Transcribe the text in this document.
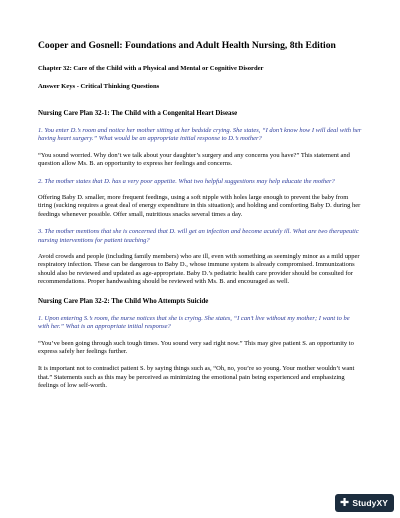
Cooper and Gosnell: Foundations and Adult Health Nursing, 8th Edition
Chapter 32: Care of the Child with a Physical and Mental or Cognitive Disorder
Answer Keys - Critical Thinking Questions
Nursing Care Plan 32-1: The Child with a Congenital Heart Disease
1. You enter D.’s room and notice her mother sitting at her bedside crying. She states, “I don’t know how I will deal with her having heart surgery.” What would be an appropriate initial response to D.’s mother?
“You sound worried. Why don’t we talk about your daughter’s surgery and any concerns you have?” This statement and question allow Ms. B. an opportunity to express her feelings and concerns.
2. The mother states that D. has a very poor appetite. What two helpful suggestions may help educate the mother?
Offering Baby D. smaller, more frequent feedings, using a soft nipple with holes large enough to prevent the baby from tiring (sucking requires a great deal of energy expenditure in this situation); and holding and comforting Baby D. during her feedings whenever possible. Offer small, nutritious snacks several times a day.
3. The mother mentions that she is concerned that D. will get an infection and become acutely ill. What are two therapeutic nursing interventions for patient teaching?
Avoid crowds and people (including family members) who are ill, even with something as seemingly minor as a mild upper respiratory infection. These can be dangerous to Baby D., whose immune system is already compromised. Immunizations should also be reviewed and updated as age-appropriate. Baby D.’s pediatric health care provider should be consulted for recommendations. Proper handwashing should be reviewed with Ms. B. and encouraged as well.
Nursing Care Plan 32-2: The Child Who Attempts Suicide
1. Upon entering S.’s room, the nurse notices that she is crying. She states, “I can’t live without my mother; I want to be with her.” What is an appropriate initial response?
“You’ve been going through such tough times. You sound very sad right now.” This may give patient S. an opportunity to express safely her feelings further.
It is important not to contradict patient S. by saying things such as, “Oh, no, you’re so young. Your mother wouldn’t want that.” Statements such as this may be perceived as minimizing the emotional pain being experienced and emphasizing feelings of low self-worth.
✚ StudyXY
